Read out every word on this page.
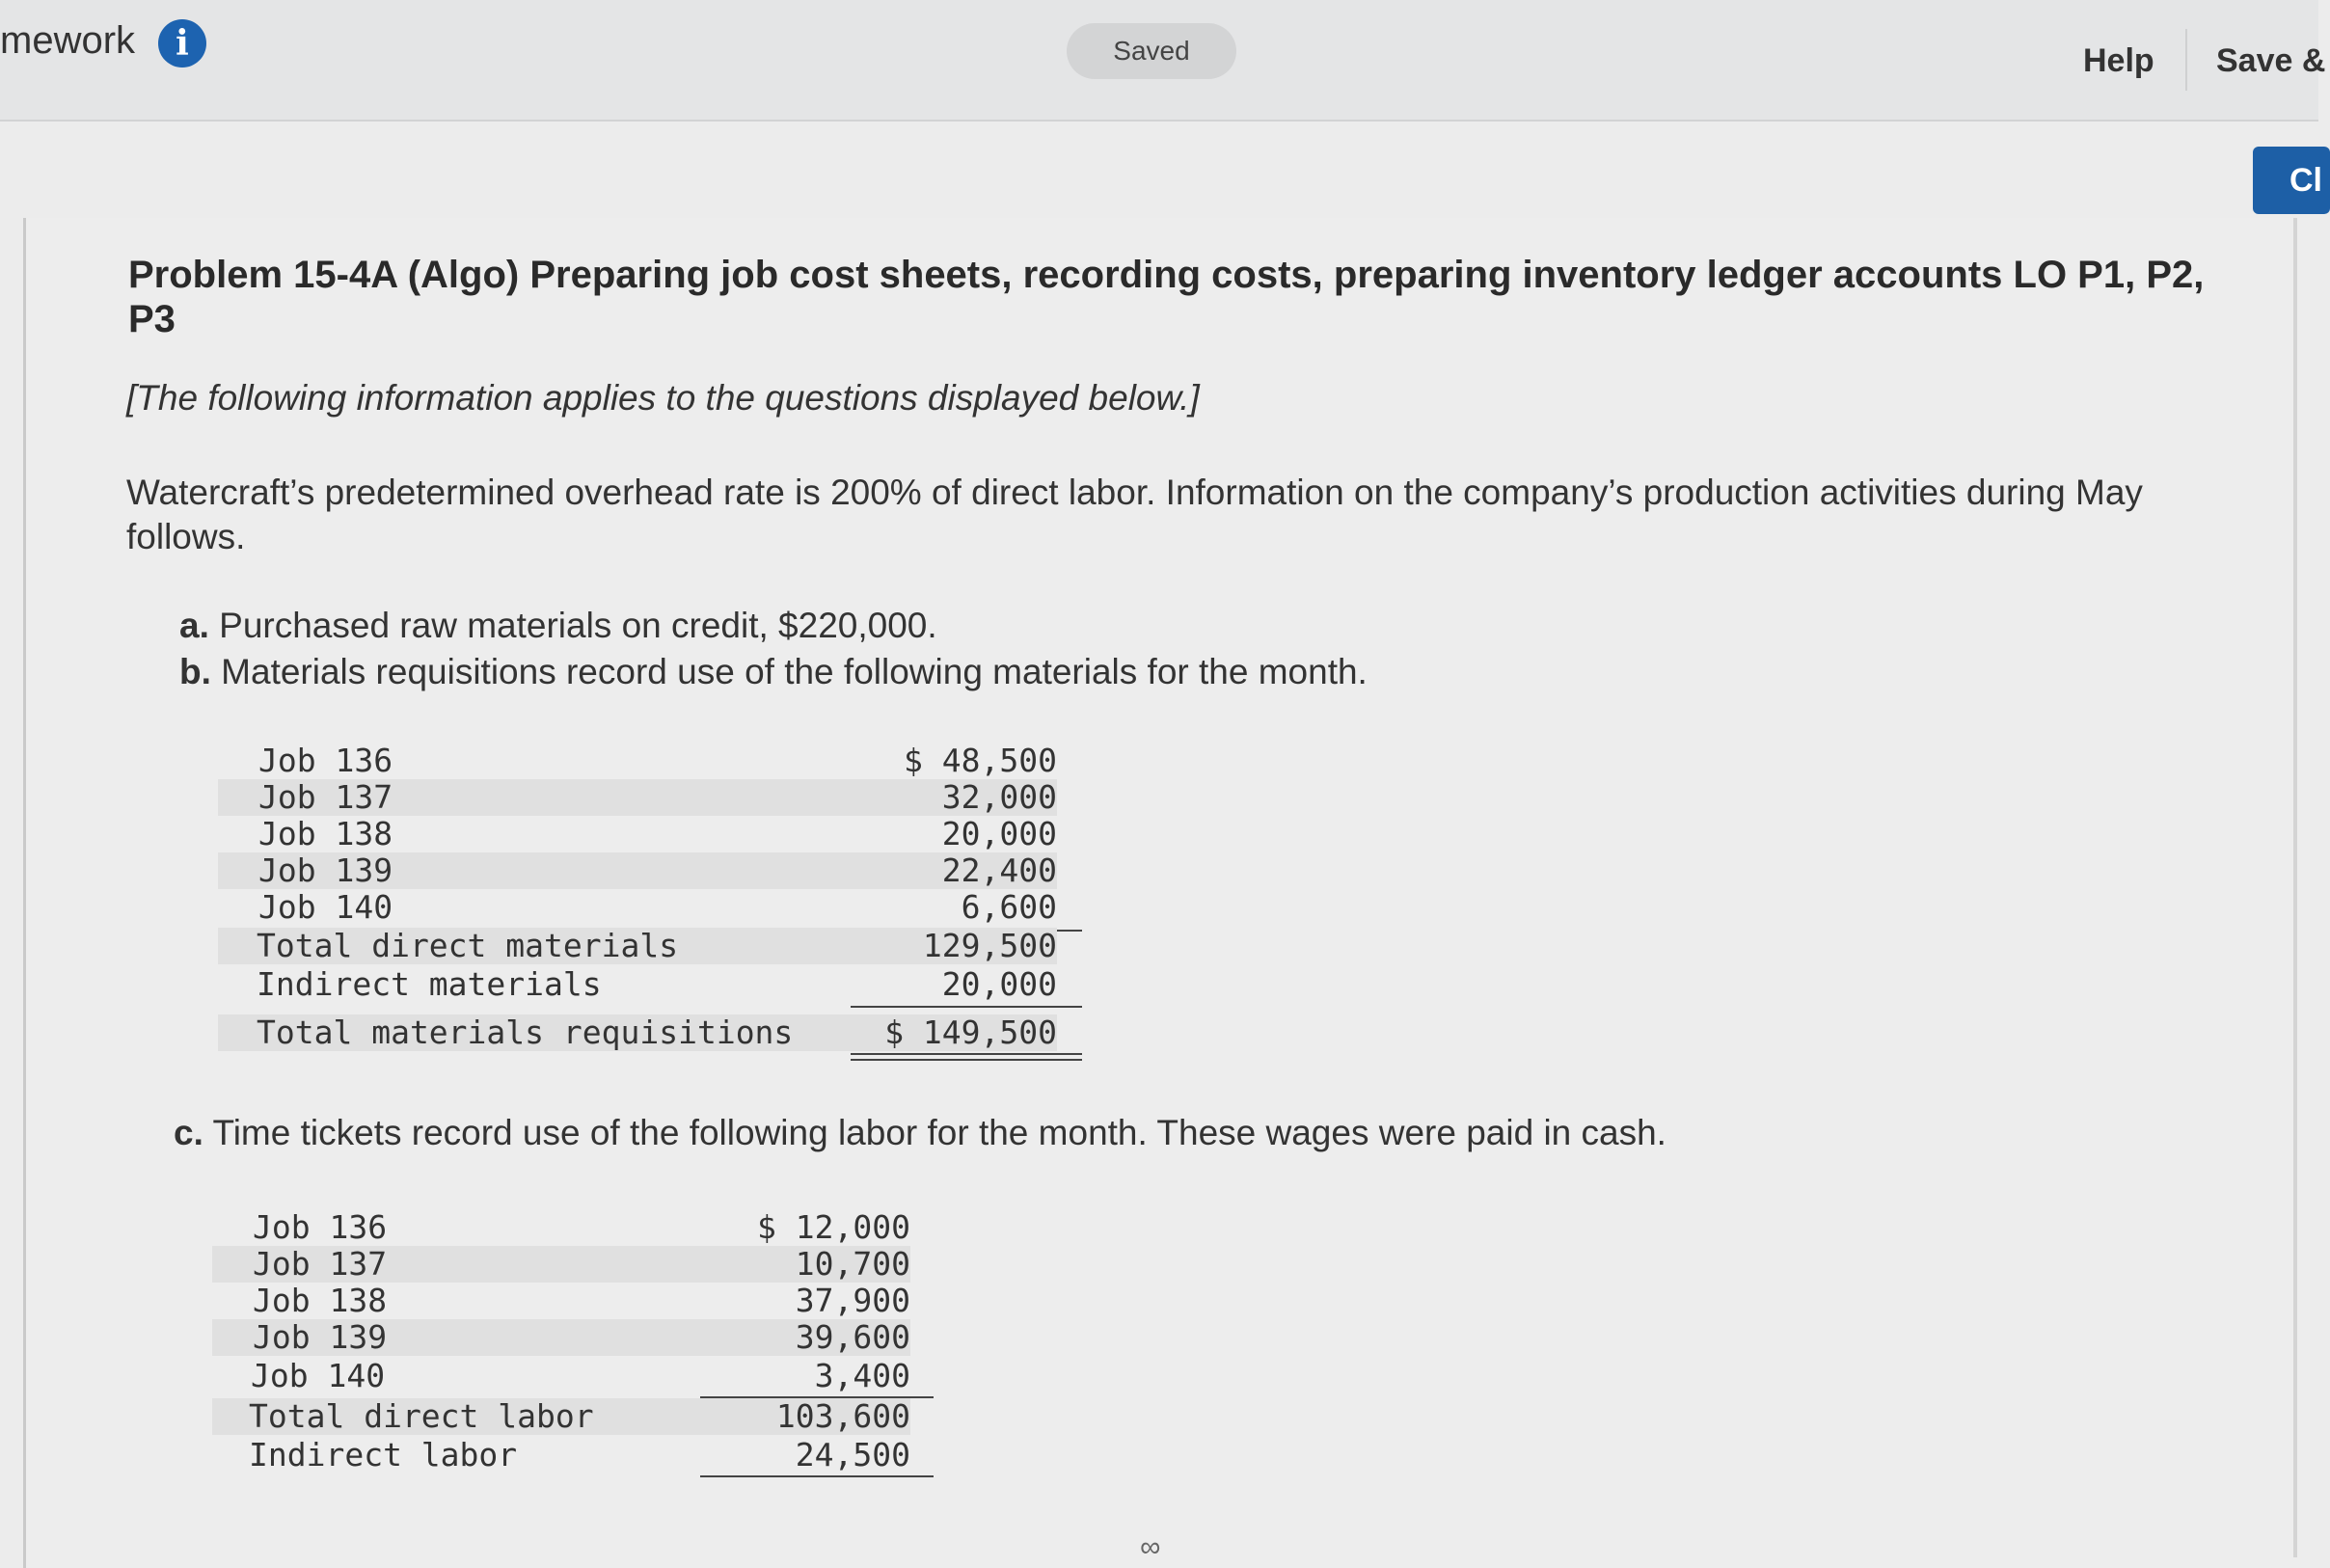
mework	i	Saved	Help Save &
Cl
Problem 15-4A (Algo) Preparing job cost sheets, recording costs, preparing inventory ledger accounts LO P1, P2, P3
[The following information applies to the questions displayed below.]
Watercraft’s predetermined overhead rate is 200% of direct labor. Information on the company’s production activities during May follows.
a. Purchased raw materials on credit, $220,000.
b. Materials requisitions record use of the following materials for the month.
Job 136	$ 48,500
Job 137	32,000
Job 138	20,000
Job 139	22,400
Job 140	6,600
Total direct materials	129,500
Indirect materials	20,000
Total materials requisitions	$ 149,500
c. Time tickets record use of the following labor for the month. These wages were paid in cash.
Job 136	$ 12,000
Job 137	10,700
Job 138	37,900
Job 139	39,600
Job 140	3,400
Total direct labor	103,600
Indirect labor	24,500
∞
